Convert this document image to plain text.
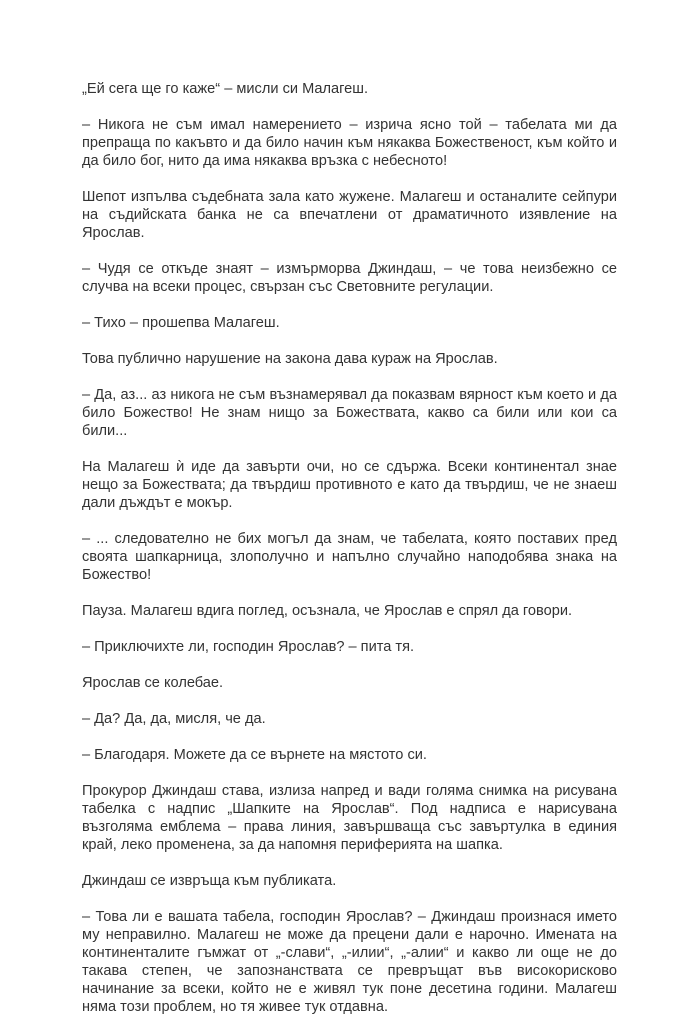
„Ей сега ще го каже“ – мисли си Малагеш.

– Никога не съм имал намерението – изрича ясно той – табелата ми да препраща по какъвто и да било начин към някаква Божественост, към който и да било бог, нито да има някаква връзка с небесното!

Шепот изпълва съдебната зала като жужене. Малагеш и останалите сейпури на съдийската банка не са впечатлени от драматичното изявление на Ярослав.

– Чудя се откъде знаят – измърморва Джиндаш, – че това неизбежно се случва на всеки процес, свързан със Световните регулации.

– Тихо – прошепва Малагеш.

Това публично нарушение на закона дава кураж на Ярослав.

– Да, аз... аз никога не съм възнамерявал да показвам вярност към което и да било Божество! Не знам нищо за Божествата, какво са били или кои са били...

На Малагеш ѝ иде да завърти очи, но се сдържа. Всеки континентал знае нещо за Божествата; да твърдиш противното е като да твърдиш, че не знаеш дали дъждът е мокър.

– ... следователно не бих могъл да знам, че табелата, която поставих пред своята шапкарница, злополучно и напълно случайно наподобява знака на Божество!

Пауза. Малагеш вдига поглед, осъзнала, че Ярослав е спрял да говори.

– Приключихте ли, господин Ярослав? – пита тя.

Ярослав се колебае.

– Да? Да, да, мисля, че да.

– Благодаря. Можете да се върнете на мястото си.

Прокурор Джиндаш става, излиза напред и вади голяма снимка на рисувана табелка с надпис „Шапките на Ярослав“. Под надписа е нарисувана възголяма емблема – права линия, завършваща със завъртулка в единия край, леко променена, за да напомня периферията на шапка.

Джиндаш се извръща към публиката.

– Това ли е вашата табела, господин Ярослав? – Джиндаш произнася името му неправилно. Малагеш не може да прецени дали е нарочно. Имената на континенталите гъмжат от „-слави“, „-илии“, „-алии“ и какво ли още не до такава степен, че запознанствата се превръщат във високорисково начинание за всеки, който не е живял тук поне десетина години. Малагеш няма този проблем, но тя живее тук отдавна.
